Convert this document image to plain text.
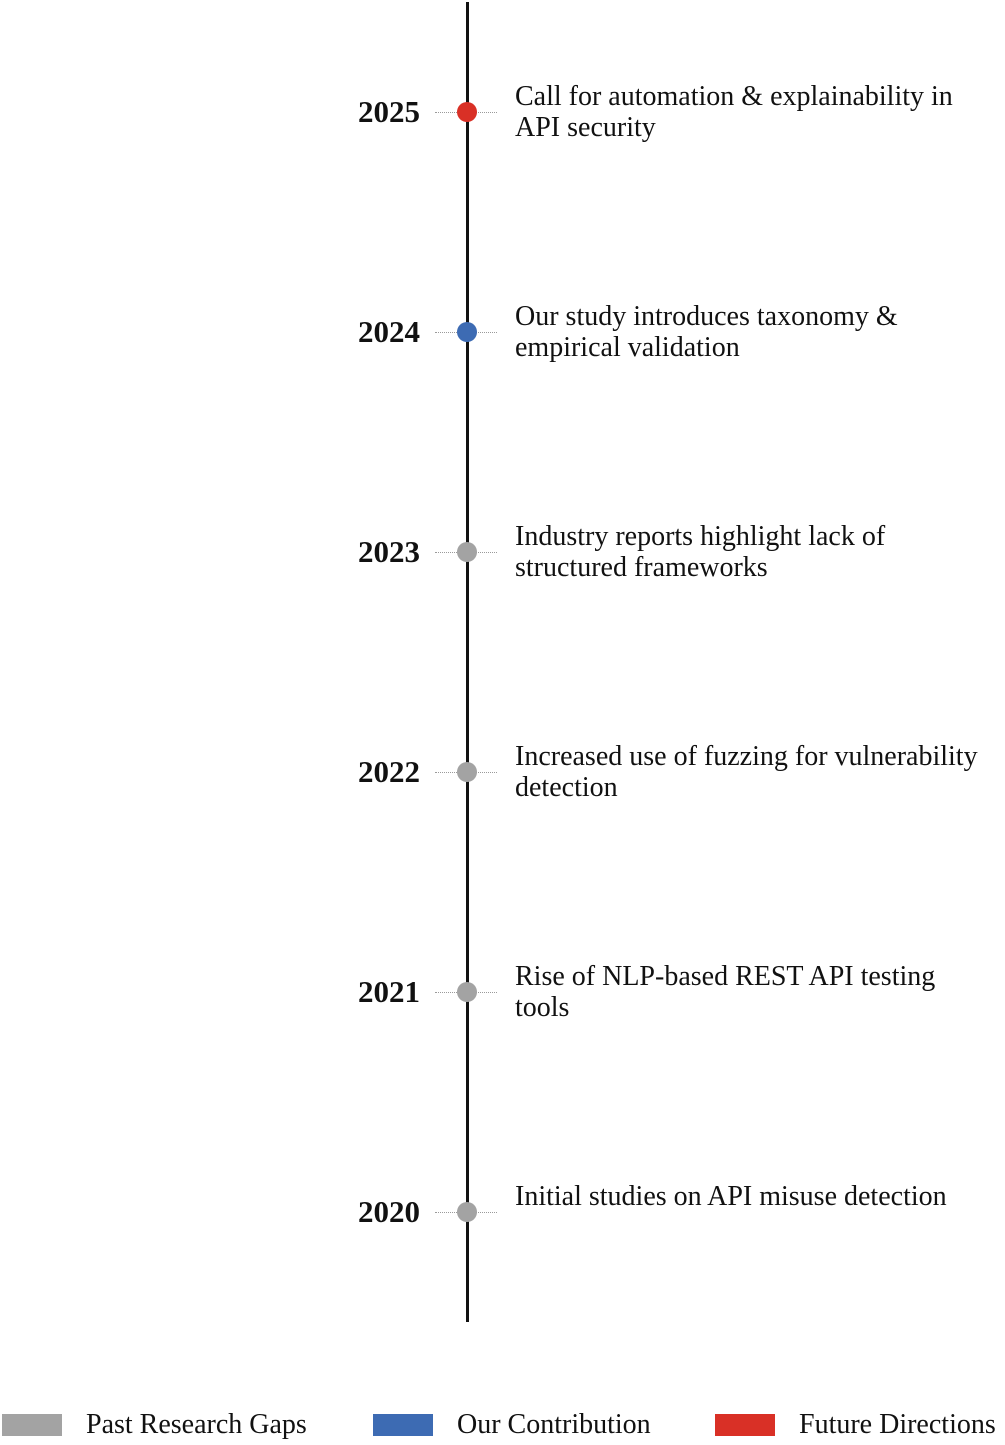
2025	Call for automation & explainability in API security
2024	Our study introduces taxonomy & empirical validation
2023	Industry reports highlight lack of structured frameworks
2022	Increased use of fuzzing for vulnerability detection
2021	Rise of NLP-based REST API testing tools
2020	Initial studies on API misuse detection
Past Research Gaps	Our Contribution	Future Directions
